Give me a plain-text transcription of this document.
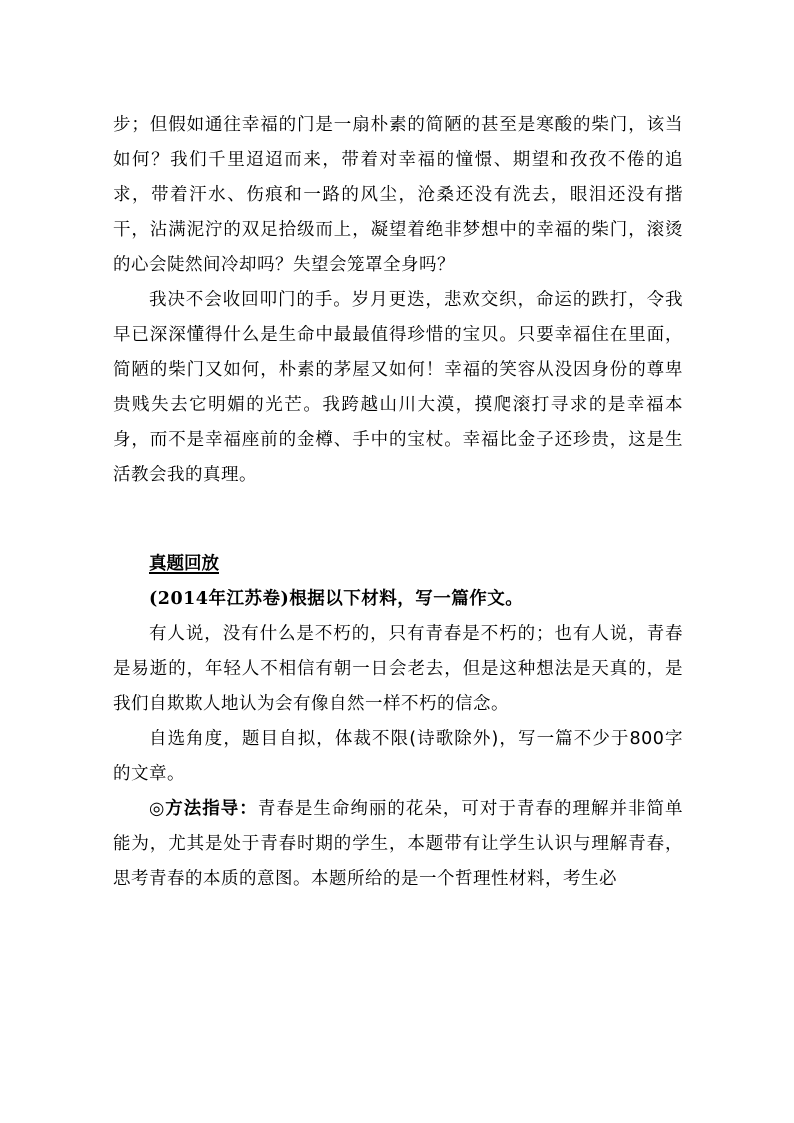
步；但假如通往幸福的门是一扇朴素的简陋的甚至是寒酸的柴门，该当如何？我们千里迢迢而来，带着对幸福的憧憬、期望和孜孜不倦的追求，带着汗水、伤痕和一路的风尘，沧桑还没有洗去，眼泪还没有揩干，沾满泥泞的双足拾级而上，凝望着绝非梦想中的幸福的柴门，滚烫的心会陡然间冷却吗？失望会笼罩全身吗？

我决不会收回叩门的手。岁月更迭，悲欢交织，命运的跌打，令我早已深深懂得什么是生命中最最值得珍惜的宝贝。只要幸福住在里面，简陋的柴门又如何，朴素的茅屋又如何！幸福的笑容从没因身份的尊卑贵贱失去它明媚的光芒。我跨越山川大漠，摸爬滚打寻求的是幸福本身，而不是幸福座前的金樽、手中的宝杖。幸福比金子还珍贵，这是生活教会我的真理。

真题回放

(2014年江苏卷)根据以下材料，写一篇作文。

有人说，没有什么是不朽的，只有青春是不朽的；也有人说，青春是易逝的，年轻人不相信有朝一日会老去，但是这种想法是天真的，是我们自欺欺人地认为会有像自然一样不朽的信念。

自选角度，题目自拟，体裁不限(诗歌除外)，写一篇不少于800字的文章。

◎方法指导：青春是生命绚丽的花朵，可对于青春的理解并非简单能为，尤其是处于青春时期的学生，本题带有让学生认识与理解青春，思考青春的本质的意图。本题所给的是一个哲理性材料，考生必
